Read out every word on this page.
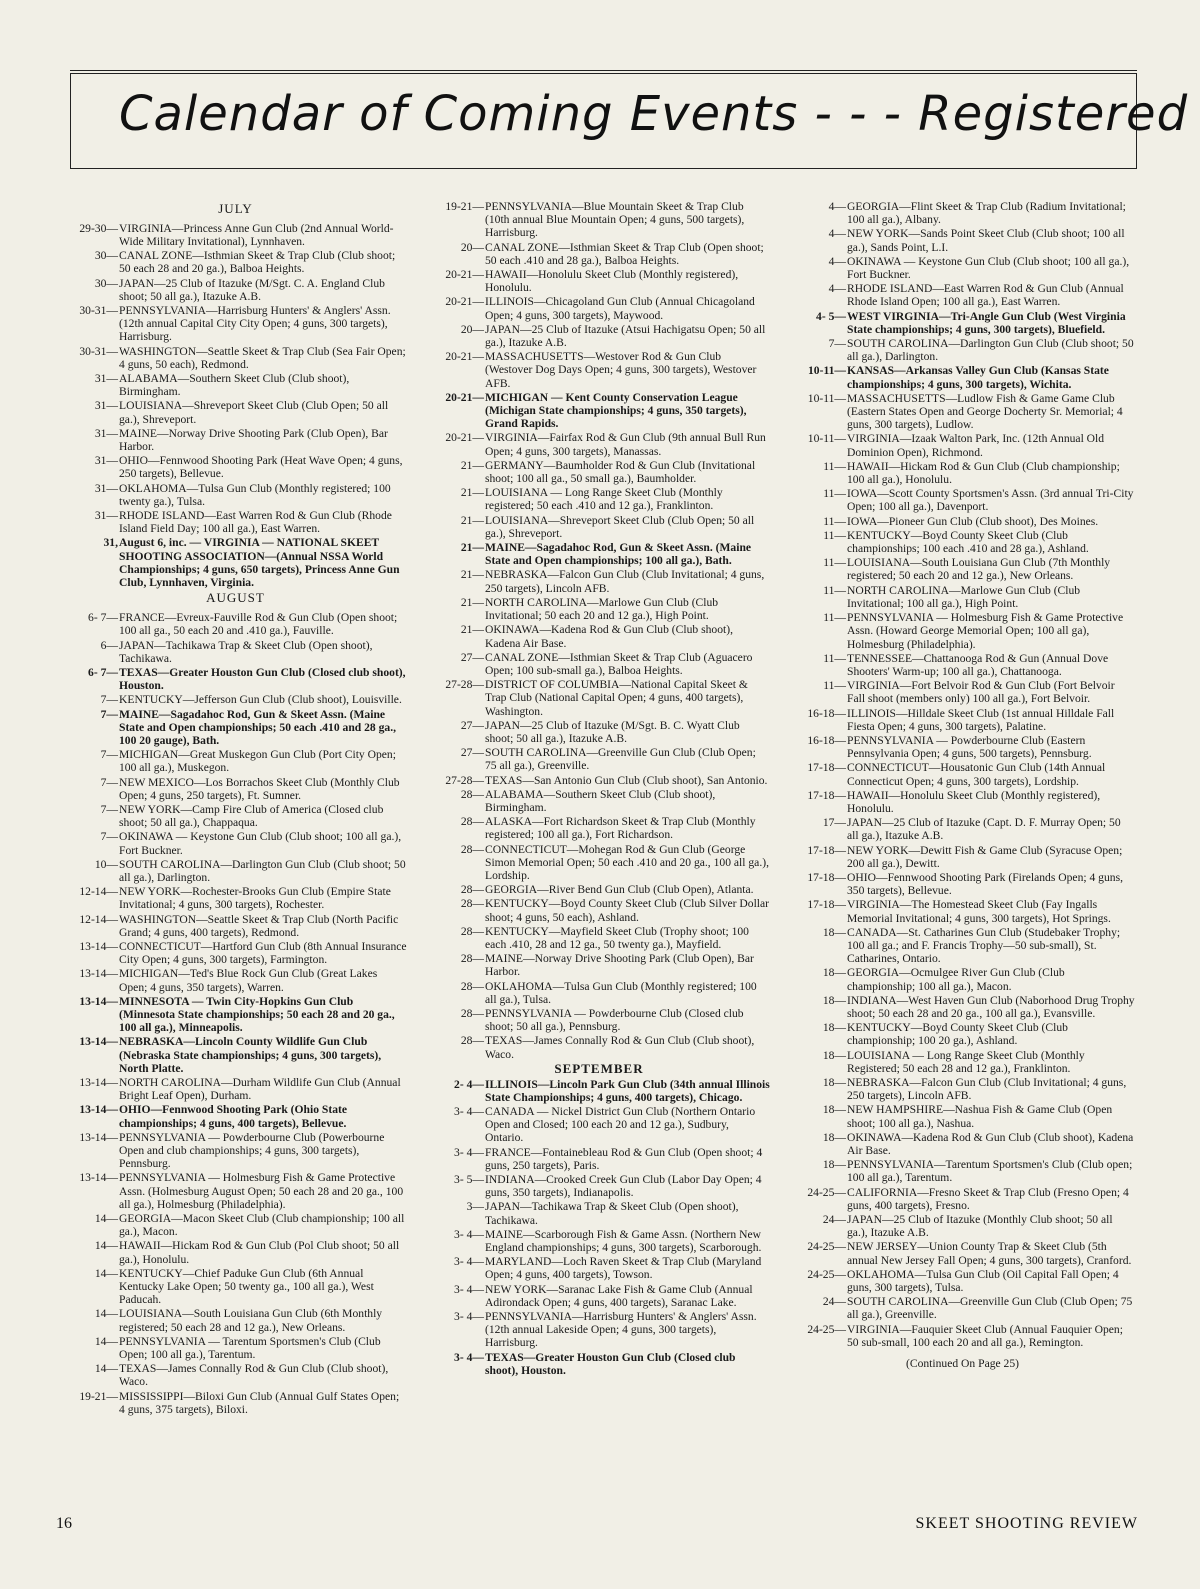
Calendar of Coming Events - - - Registered
JULY
29-30— VIRGINIA—Princess Anne Gun Club (2nd Annual World-Wide Military Invitational), Lynnhaven.
30— CANAL ZONE—Isthmian Skeet & Trap Club (Club shoot; 50 each 28 and 20 ga.), Balboa Heights.
30— JAPAN—25 Club of Itazuke (M/Sgt. C. A. England Club shoot; 50 all ga.), Itazuke A.B.
30-31— PENNSYLVANIA—Harrisburg Hunters' & Anglers' Assn. (12th annual Capital City City Open; 4 guns, 300 targets), Harrisburg.
30-31— WASHINGTON—Seattle Skeet & Trap Club (Sea Fair Open; 4 guns, 50 each), Redmond.
31— ALABAMA—Southern Skeet Club (Club shoot), Birmingham.
31— LOUISIANA—Shreveport Skeet Club (Club Open; 50 all ga.), Shreveport.
31— MAINE—Norway Drive Shooting Park (Club Open), Bar Harbor.
31— OHIO—Fennwood Shooting Park (Heat Wave Open; 4 guns, 250 targets), Bellevue.
31— OKLAHOMA—Tulsa Gun Club (Monthly registered; 100 twenty ga.), Tulsa.
31— RHODE ISLAND—East Warren Rod & Gun Club (Rhode Island Field Day; 100 all ga.), East Warren.
31, August 6, inc. — VIRGINIA — NATIONAL SKEET SHOOTING ASSOCIATION—(Annual NSSA World Championships; 4 guns, 650 targets), Princess Anne Gun Club, Lynnhaven, Virginia.
AUGUST
6- 7— FRANCE—Evreux-Fauville Rod & Gun Club (Open shoot; 100 all ga., 50 each 20 and .410 ga.), Fauville.
6— JAPAN—Tachikawa Trap & Skeet Club (Open shoot), Tachikawa.
6- 7— TEXAS—Greater Houston Gun Club (Closed club shoot), Houston.
7— KENTUCKY—Jefferson Gun Club (Club shoot), Louisville.
7— MAINE—Sagadahoc Rod, Gun & Skeet Assn. (Maine State and Open championships; 50 each .410 and 28 ga., 100 20 gauge), Bath.
7— MICHIGAN—Great Muskegon Gun Club (Port City Open; 100 all ga.), Muskegon.
7— NEW MEXICO—Los Borrachos Skeet Club (Monthly Club Open; 4 guns, 250 targets), Ft. Sumner.
7— NEW YORK—Camp Fire Club of America (Closed club shoot; 50 all ga.), Chappaqua.
7— OKINAWA — Keystone Gun Club (Club shoot; 100 all ga.), Fort Buckner.
10— SOUTH CAROLINA—Darlington Gun Club (Club shoot; 50 all ga.), Darlington.
12-14— NEW YORK—Rochester-Brooks Gun Club (Empire State Invitational; 4 guns, 300 targets), Rochester.
12-14— WASHINGTON—Seattle Skeet & Trap Club (North Pacific Grand; 4 guns, 400 targets), Redmond.
13-14— CONNECTICUT—Hartford Gun Club (8th Annual Insurance City Open; 4 guns, 300 targets), Farmington.
13-14— MICHIGAN—Ted's Blue Rock Gun Club (Great Lakes Open; 4 guns, 350 targets), Warren.
13-14— MINNESOTA — Twin City-Hopkins Gun Club (Minnesota State championships; 50 each 28 and 20 ga., 100 all ga.), Minneapolis.
13-14— NEBRASKA—Lincoln County Wildlife Gun Club (Nebraska State championships; 4 guns, 300 targets), North Platte.
13-14— NORTH CAROLINA—Durham Wildlife Gun Club (Annual Bright Leaf Open), Durham.
13-14— OHIO—Fennwood Shooting Park (Ohio State championships; 4 guns, 400 targets), Bellevue.
13-14— PENNSYLVANIA — Powderbourne Club (Powerbourne Open and club championships; 4 guns, 300 targets), Pennsburg.
13-14— PENNSYLVANIA — Holmesburg Fish & Game Protective Assn. (Holmesburg August Open; 50 each 28 and 20 ga., 100 all ga.), Holmesburg (Philadelphia).
14— GEORGIA—Macon Skeet Club (Club championship; 100 all ga.), Macon.
14— HAWAII—Hickam Rod & Gun Club (Pol Club shoot; 50 all ga.), Honolulu.
14— KENTUCKY—Chief Paduke Gun Club (6th Annual Kentucky Lake Open; 50 twenty ga., 100 all ga.), West Paducah.
14— LOUISIANA—South Louisiana Gun Club (6th Monthly registered; 50 each 28 and 12 ga.), New Orleans.
14— PENNSYLVANIA — Tarentum Sportsmen's Club (Club Open; 100 all ga.), Tarentum.
14— TEXAS—James Connally Rod & Gun Club (Club shoot), Waco.
19-21— MISSISSIPPI—Biloxi Gun Club (Annual Gulf States Open; 4 guns, 375 targets), Biloxi.
19-21— PENNSYLVANIA—Blue Mountain Skeet & Trap Club (10th annual Blue Mountain Open; 4 guns, 500 targets), Harrisburg.
20— CANAL ZONE—Isthmian Skeet & Trap Club (Open shoot; 50 each .410 and 28 ga.), Balboa Heights.
20-21— HAWAII—Honolulu Skeet Club (Monthly registered), Honolulu.
20-21— ILLINOIS—Chicagoland Gun Club (Annual Chicagoland Open; 4 guns, 300 targets), Maywood.
20— JAPAN—25 Club of Itazuke (Atsui Hachigatsu Open; 50 all ga.), Itazuke A.B.
20-21— MASSACHUSETTS—Westover Rod & Gun Club (Westover Dog Days Open; 4 guns, 300 targets), Westover AFB.
20-21— MICHIGAN — Kent County Conservation League (Michigan State championships; 4 guns, 350 targets), Grand Rapids.
20-21— VIRGINIA—Fairfax Rod & Gun Club (9th annual Bull Run Open; 4 guns, 300 targets), Manassas.
21— GERMANY—Baumholder Rod & Gun Club (Invitational shoot; 100 all ga., 50 small ga.), Baumholder.
21— LOUISIANA — Long Range Skeet Club (Monthly registered; 50 each .410 and 12 ga.), Franklinton.
21— LOUISIANA—Shreveport Skeet Club (Club Open; 50 all ga.), Shreveport.
21— MAINE—Sagadahoc Rod, Gun & Skeet Assn. (Maine State and Open championships; 100 all ga.), Bath.
21— NEBRASKA—Falcon Gun Club (Club Invitational; 4 guns, 250 targets), Lincoln AFB.
21— NORTH CAROLINA—Marlowe Gun Club (Club Invitational; 50 each 20 and 12 ga.), High Point.
21— OKINAWA—Kadena Rod & Gun Club (Club shoot), Kadena Air Base.
27— CANAL ZONE—Isthmian Skeet & Trap Club (Aguacero Open; 100 sub-small ga.), Balboa Heights.
27-28— DISTRICT OF COLUMBIA—National Capital Skeet & Trap Club (National Capital Open; 4 guns, 400 targets), Washington.
27— JAPAN—25 Club of Itazuke (M/Sgt. B. C. Wyatt Club shoot; 50 all ga.), Itazuke A.B.
27— SOUTH CAROLINA—Greenville Gun Club (Club Open; 75 all ga.), Greenville.
27-28— TEXAS—San Antonio Gun Club (Club shoot), San Antonio.
28— ALABAMA—Southern Skeet Club (Club shoot), Birmingham.
28— ALASKA—Fort Richardson Skeet & Trap Club (Monthly registered; 100 all ga.), Fort Richardson.
28— CONNECTICUT—Mohegan Rod & Gun Club (George Simon Memorial Open; 50 each .410 and 20 ga., 100 all ga.), Lordship.
28— GEORGIA—River Bend Gun Club (Club Open), Atlanta.
28— KENTUCKY—Boyd County Skeet Club (Club Silver Dollar shoot; 4 guns, 50 each), Ashland.
28— KENTUCKY—Mayfield Skeet Club (Trophy shoot; 100 each .410, 28 and 12 ga., 50 twenty ga.), Mayfield.
28— MAINE—Norway Drive Shooting Park (Club Open), Bar Harbor.
28— OKLAHOMA—Tulsa Gun Club (Monthly registered; 100 all ga.), Tulsa.
28— PENNSYLVANIA — Powderbourne Club (Closed club shoot; 50 all ga.), Pennsburg.
28— TEXAS—James Connally Rod & Gun Club (Club shoot), Waco.
SEPTEMBER
2- 4— ILLINOIS—Lincoln Park Gun Club (34th annual Illinois State Championships; 4 guns, 400 targets), Chicago.
3- 4— CANADA — Nickel District Gun Club (Northern Ontario Open and Closed; 100 each 20 and 12 ga.), Sudbury, Ontario.
3- 4— FRANCE—Fontainebleau Rod & Gun Club (Open shoot; 4 guns, 250 targets), Paris.
3- 5— INDIANA—Crooked Creek Gun Club (Labor Day Open; 4 guns, 350 targets), Indianapolis.
3— JAPAN—Tachikawa Trap & Skeet Club (Open shoot), Tachikawa.
3- 4— MAINE—Scarborough Fish & Game Assn. (Northern New England championships; 4 guns, 300 targets), Scarborough.
3- 4— MARYLAND—Loch Raven Skeet & Trap Club (Maryland Open; 4 guns, 400 targets), Towson.
3- 4— NEW YORK—Saranac Lake Fish & Game Club (Annual Adirondack Open; 4 guns, 400 targets), Saranac Lake.
3- 4— PENNSYLVANIA—Harrisburg Hunters' & Anglers' Assn. (12th annual Lakeside Open; 4 guns, 300 targets), Harrisburg.
3- 4— TEXAS—Greater Houston Gun Club (Closed club shoot), Houston.
4— GEORGIA—Flint Skeet & Trap Club (Radium Invitational; 100 all ga.), Albany.
4— NEW YORK—Sands Point Skeet Club (Club shoot; 100 all ga.), Sands Point, L.I.
4— OKINAWA — Keystone Gun Club (Club shoot; 100 all ga.), Fort Buckner.
4— RHODE ISLAND—East Warren Rod & Gun Club (Annual Rhode Island Open; 100 all ga.), East Warren.
4- 5— WEST VIRGINIA—Tri-Angle Gun Club (West Virginia State championships; 4 guns, 300 targets), Bluefield.
7— SOUTH CAROLINA—Darlington Gun Club (Club shoot; 50 all ga.), Darlington.
10-11— KANSAS—Arkansas Valley Gun Club (Kansas State championships; 4 guns, 300 targets), Wichita.
10-11— MASSACHUSETTS—Ludlow Fish & Game Game Club (Eastern States Open and George Docherty Sr. Memorial; 4 guns, 300 targets), Ludlow.
10-11— VIRGINIA—Izaak Walton Park, Inc. (12th Annual Old Dominion Open), Richmond.
11— HAWAII—Hickam Rod & Gun Club (Club championship; 100 all ga.), Honolulu.
11— IOWA—Scott County Sportsmen's Assn. (3rd annual Tri-City Open; 100 all ga.), Davenport.
11— IOWA—Pioneer Gun Club (Club shoot), Des Moines.
11— KENTUCKY—Boyd County Skeet Club (Club championships; 100 each .410 and 28 ga.), Ashland.
11— LOUISIANA—South Louisiana Gun Club (7th Monthly registered; 50 each 20 and 12 ga.), New Orleans.
11— NORTH CAROLINA—Marlowe Gun Club (Club Invitational; 100 all ga.), High Point.
11— PENNSYLVANIA — Holmesburg Fish & Game Protective Assn. (Howard George Memorial Open; 100 all ga), Holmesburg (Philadelphia).
11— TENNESSEE—Chattanooga Rod & Gun (Annual Dove Shooters' Warm-up; 100 all ga.), Chattanooga.
11— VIRGINIA—Fort Belvoir Rod & Gun Club (Fort Belvoir Fall shoot (members only) 100 all ga.), Fort Belvoir.
16-18— ILLINOIS—Hilldale Skeet Club (1st annual Hilldale Fall Fiesta Open; 4 guns, 300 targets), Palatine.
16-18— PENNSYLVANIA — Powderbourne Club (Eastern Pennsylvania Open; 4 guns, 500 targets), Pennsburg.
17-18— CONNECTICUT—Housatonic Gun Club (14th Annual Connecticut Open; 4 guns, 300 targets), Lordship.
17-18— HAWAII—Honolulu Skeet Club (Monthly registered), Honolulu.
17— JAPAN—25 Club of Itazuke (Capt. D. F. Murray Open; 50 all ga.), Itazuke A.B.
17-18— NEW YORK—Dewitt Fish & Game Club (Syracuse Open; 200 all ga.), Dewitt.
17-18— OHIO—Fennwood Shooting Park (Firelands Open; 4 guns, 350 targets), Bellevue.
17-18— VIRGINIA—The Homestead Skeet Club (Fay Ingalls Memorial Invitational; 4 guns, 300 targets), Hot Springs.
18— CANADA—St. Catharines Gun Club (Studebaker Trophy; 100 all ga.; and F. Francis Trophy—50 sub-small), St. Catharines, Ontario.
18— GEORGIA—Ocmulgee River Gun Club (Club championship; 100 all ga.), Macon.
18— INDIANA—West Haven Gun Club (Naborhood Drug Trophy shoot; 50 each 28 and 20 ga., 100 all ga.), Evansville.
18— KENTUCKY—Boyd County Skeet Club (Club championship; 100 20 ga.), Ashland.
18— LOUISIANA — Long Range Skeet Club (Monthly Registered; 50 each 28 and 12 ga.), Franklinton.
18— NEBRASKA—Falcon Gun Club (Club Invitational; 4 guns, 250 targets), Lincoln AFB.
18— NEW HAMPSHIRE—Nashua Fish & Game Club (Open shoot; 100 all ga.), Nashua.
18— OKINAWA—Kadena Rod & Gun Club (Club shoot), Kadena Air Base.
18— PENNSYLVANIA—Tarentum Sportsmen's Club (Club open; 100 all ga.), Tarentum.
24-25— CALIFORNIA—Fresno Skeet & Trap Club (Fresno Open; 4 guns, 400 targets), Fresno.
24— JAPAN—25 Club of Itazuke (Monthly Club shoot; 50 all ga.), Itazuke A.B.
24-25— NEW JERSEY—Union County Trap & Skeet Club (5th annual New Jersey Fall Open; 4 guns, 300 targets), Cranford.
24-25— OKLAHOMA—Tulsa Gun Club (Oil Capital Fall Open; 4 guns, 300 targets), Tulsa.
24— SOUTH CAROLINA—Greenville Gun Club (Club Open; 75 all ga.), Greenville.
24-25— VIRGINIA—Fauquier Skeet Club (Annual Fauquier Open; 50 sub-small, 100 each 20 and all ga.), Remington.
(Continued On Page 25)
16	SKEET SHOOTING REVIEW
